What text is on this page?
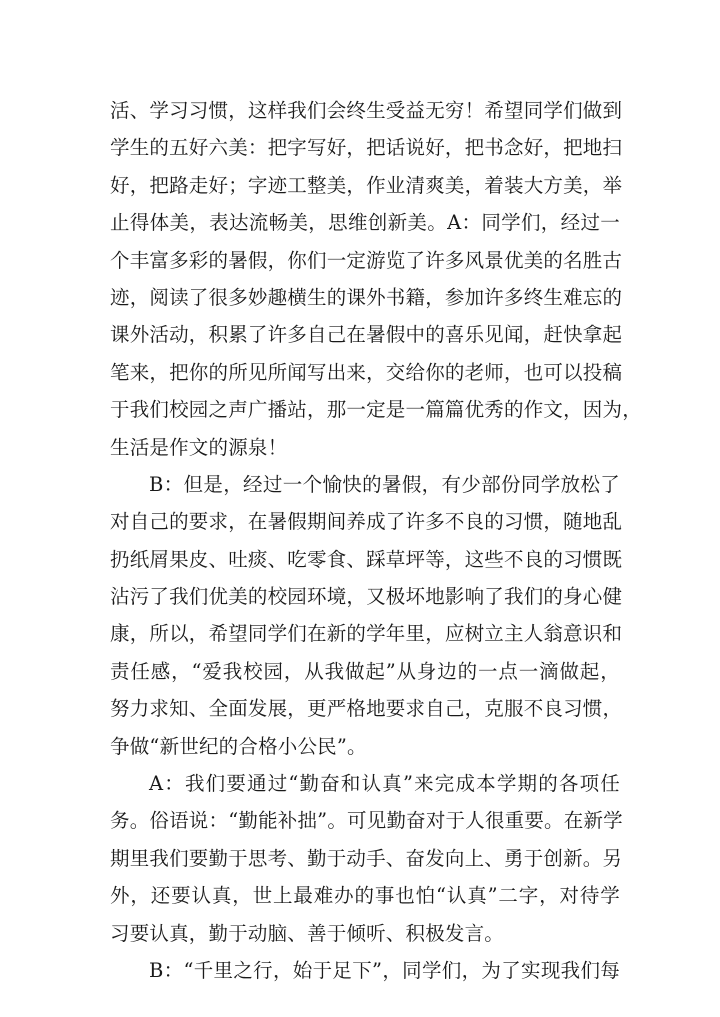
活、学习习惯，这样我们会终生受益无穷！希望同学们做到
学生的五好六美：把字写好，把话说好，把书念好，把地扫
好，把路走好；字迹工整美，作业清爽美，着装大方美，举
止得体美，表达流畅美，思维创新美。A：同学们，经过一
个丰富多彩的暑假，你们一定游览了许多风景优美的名胜古
迹，阅读了很多妙趣横生的课外书籍，参加许多终生难忘的
课外活动，积累了许多自己在暑假中的喜乐见闻，赶快拿起
笔来，把你的所见所闻写出来，交给你的老师，也可以投稿
于我们校园之声广播站，那一定是一篇篇优秀的作文，因为，
生活是作文的源泉！
B：但是，经过一个愉快的暑假，有少部份同学放松了
对自己的要求，在暑假期间养成了许多不良的习惯，随地乱
扔纸屑果皮、吐痰、吃零食、踩草坪等，这些不良的习惯既
沾污了我们优美的校园环境，又极坏地影响了我们的身心健
康，所以，希望同学们在新的学年里，应树立主人翁意识和
责任感，“爱我校园，从我做起”从身边的一点一滴做起，
努力求知、全面发展，更严格地要求自己，克服不良习惯，
争做“新世纪的合格小公民”。
A：我们要通过“勤奋和认真”来完成本学期的各项任
务。俗语说：“勤能补拙”。可见勤奋对于人很重要。在新学
期里我们要勤于思考、勤于动手、奋发向上、勇于创新。另
外，还要认真，世上最难办的事也怕“认真”二字，对待学
习要认真，勤于动脑、善于倾听、积极发言。
B：“千里之行，始于足下”，同学们，为了实现我们每
